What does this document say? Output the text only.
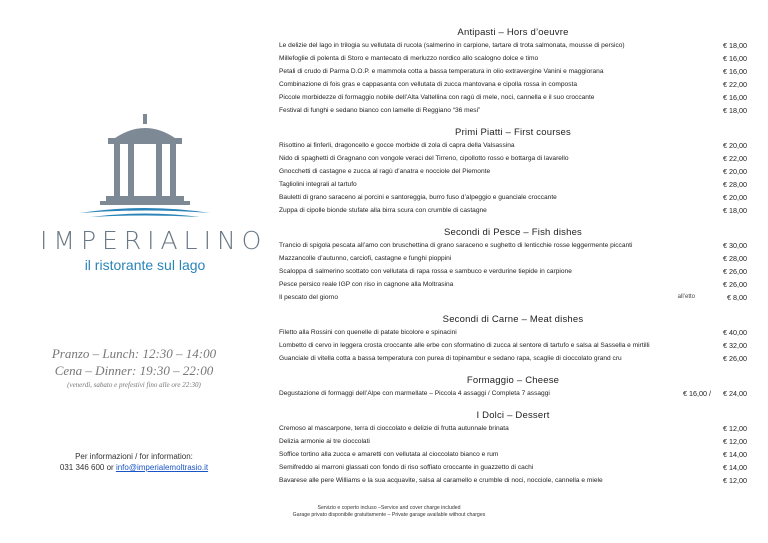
IMPERIALINO
il ristorante sul lago
Pranzo – Lunch: 12:30 – 14:00
Cena – Dinner: 19:30 – 22:00
(venerdì, sabato e prefestivi fino alle ore 22:30)
Per informazioni / for information:
031 346 600 or info@imperialemoltrasio.it
Antipasti – Hors d’oeuvre
Le delizie del lago in trilogia su vellutata di rucola (salmerino in carpione, tartare di trota salmonata, mousse di persico)	€ 18,00
Millefoglie di polenta di Storo e mantecato di merluzzo nordico allo scalogno dolce e timo	€ 16,00
Petali di crudo di Parma D.O.P. e mammola cotta a bassa temperatura in olio extravergine Vanini e maggiorana	€ 16,00
Combinazione di fois gras e cappasanta con vellutata di zucca mantovana e cipolla rossa in composta	€ 22,00
Piccole morbidezze di formaggio nobile dell’Alta Valtellina con ragù di mele, noci, cannella e il suo croccante	€ 16,00
Festival di funghi e sedano bianco con lamelle di Reggiano “36 mesi”	€ 18,00
Primi Piatti – First courses
Risottino ai finferli, dragoncello e gocce morbide di zola di capra della Valsassina	€ 20,00
Nido di spaghetti di Gragnano con vongole veraci del Tirreno, cipollotto rosso e bottarga di lavarello	€ 22,00
Gnocchetti di castagne e zucca al ragù d’anatra e nocciole del Piemonte	€ 20,00
Tagliolini integrali al tartufo	€ 28,00
Bauletti di grano saraceno ai porcini e santoreggia, burro fuso d’alpeggio e guanciale croccante	€ 20,00
Zuppa di cipolle bionde stufate alla birra scura con crumble di castagne	€ 18,00
Secondi di Pesce – Fish dishes
Trancio di spigola pescata all’amo con bruschettina di grano saraceno e sughetto di lenticchie rosse leggermente piccanti	€ 30,00
Mazzancolle d’autunno, carciofi, castagne e funghi pioppini	€ 28,00
Scaloppa di salmerino scottato con vellutata di rapa rossa e sambuco e verdurine tiepide in carpione	€ 26,00
Pesce persico reale IGP con riso in cagnone alla Moltrasina	€ 26,00
Il pescato del giorno	all’etto	€ 8,00
Secondi di Carne – Meat dishes
Filetto alla Rossini con quenelle di patate bicolore e spinacini	€ 40,00
Lombetto di cervo in leggera crosta croccante alle erbe con sformatino di zucca al sentore di tartufo e salsa al Sassella e mirtilli	€ 32,00
Guanciale di vitella cotta a bassa temperatura con purea di topinambur e sedano rapa, scaglie di cioccolato grand cru	€ 26,00
Formaggio – Cheese
Degustazione di formaggi dell’Alpe con marmellate – Piccola 4 assaggi / Completa 7 assaggi	€ 16,00 / € 24,00
I Dolci – Dessert
Cremoso al mascarpone, terra di cioccolato e delizie di frutta autunnale brinata	€ 12,00
Delizia armonie ai tre cioccolati	€ 12,00
Soffice tortino alla zucca e amaretti con vellutata al cioccolato bianco e rum	€ 14,00
Semifreddo ai marroni glassati con fondo di riso soffiato croccante in guazzetto di cachi	€ 14,00
Bavarese alle pere Williams e la sua acquavite, salsa al caramello e crumble di noci, nocciole, cannella e miele	€ 12,00
Servizio e coperto incluso –Service and cover charge included
Garage privato disponibile gratuitamente – Private garage available without charges
